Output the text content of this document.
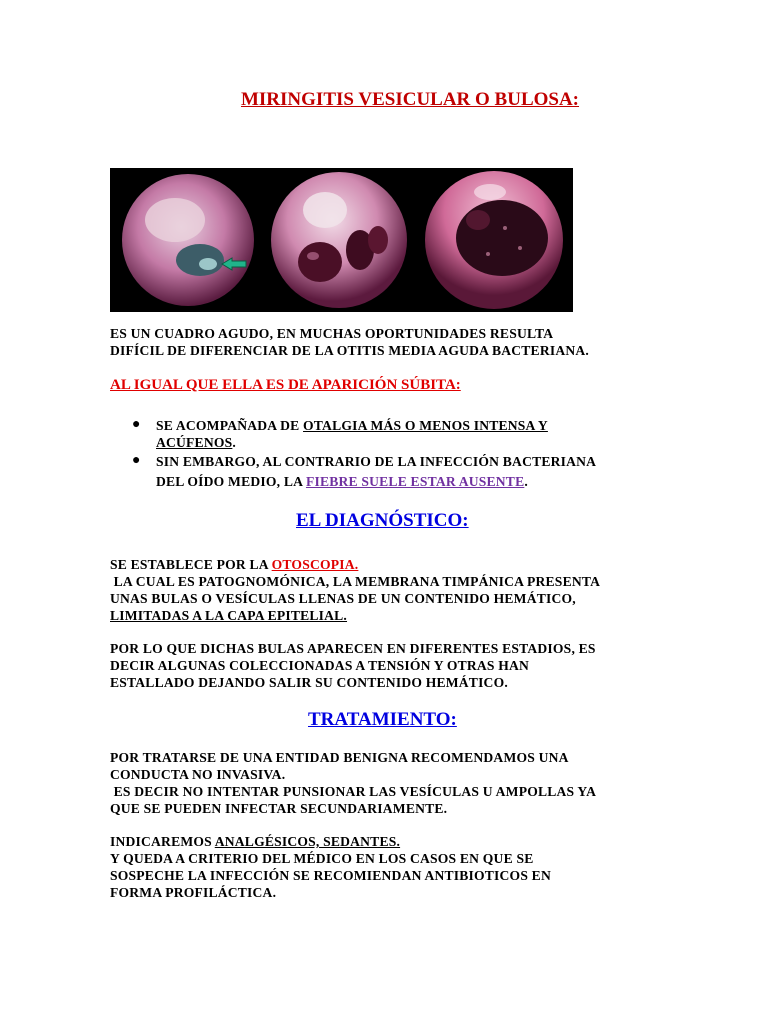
MIRINGITIS VESICULAR O BULOSA:
ES UN CUADRO AGUDO, EN MUCHAS OPORTUNIDADES RESULTA
DIFÍCIL DE DIFERENCIAR DE LA OTITIS MEDIA AGUDA BACTERIANA.
AL IGUAL QUE ELLA ES DE APARICIÓN SÚBITA:
● SE ACOMPAÑADA DE OTALGIA MÁS O MENOS INTENSA Y
ACÚFENOS.
● SIN EMBARGO, AL CONTRARIO DE LA INFECCIÓN BACTERIANA
DEL OÍDO MEDIO, LA FIEBRE SUELE ESTAR AUSENTE.
EL DIAGNÓSTICO:
SE ESTABLECE POR LA OTOSCOPIA.
LA CUAL ES PATOGNOMÓNICA, LA MEMBRANA TIMPÁNICA PRESENTA
UNAS BULAS O VESÍCULAS LLENAS DE UN CONTENIDO HEMÁTICO,
LIMITADAS A LA CAPA EPITELIAL.
POR LO QUE DICHAS BULAS APARECEN EN DIFERENTES ESTADIOS, ES
DECIR ALGUNAS COLECCIONADAS A TENSIÓN Y OTRAS HAN
ESTALLADO DEJANDO SALIR SU CONTENIDO HEMÁTICO.
TRATAMIENTO:
POR TRATARSE DE UNA ENTIDAD BENIGNA RECOMENDAMOS UNA
CONDUCTA NO INVASIVA.
ES DECIR NO INTENTAR PUNSIONAR LAS VESÍCULAS U AMPOLLAS YA
QUE SE PUEDEN INFECTAR SECUNDARIAMENTE.
INDICAREMOS ANALGÉSICOS, SEDANTES.
Y QUEDA A CRITERIO DEL MÉDICO EN LOS CASOS EN QUE SE
SOSPECHE LA INFECCIÓN SE RECOMIENDAN ANTIBIOTICOS EN
FORMA PROFILÁCTICA.
